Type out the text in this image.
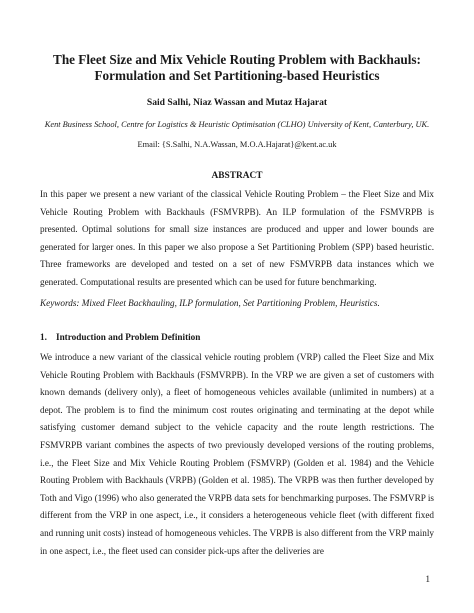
The Fleet Size and Mix Vehicle Routing Problem with Backhauls: Formulation and Set Partitioning-based Heuristics
Said Salhi, Niaz Wassan and Mutaz Hajarat
Kent Business School, Centre for Logistics & Heuristic Optimisation (CLHO) University of Kent, Canterbury, UK.
Email: {S.Salhi, N.A.Wassan, M.O.A.Hajarat}@kent.ac.uk
ABSTRACT
In this paper we present a new variant of the classical Vehicle Routing Problem – the Fleet Size and Mix Vehicle Routing Problem with Backhauls (FSMVRPB). An ILP formulation of the FSMVRPB is presented. Optimal solutions for small size instances are produced and upper and lower bounds are generated for larger ones. In this paper we also propose a Set Partitioning Problem (SPP) based heuristic. Three frameworks are developed and tested on a set of new FSMVRPB data instances which we generated. Computational results are presented which can be used for future benchmarking.
Keywords: Mixed Fleet Backhauling, ILP formulation, Set Partitioning Problem, Heuristics.
1. Introduction and Problem Definition
We introduce a new variant of the classical vehicle routing problem (VRP) called the Fleet Size and Mix Vehicle Routing Problem with Backhauls (FSMVRPB). In the VRP we are given a set of customers with known demands (delivery only), a fleet of homogeneous vehicles available (unlimited in numbers) at a depot. The problem is to find the minimum cost routes originating and terminating at the depot while satisfying customer demand subject to the vehicle capacity and the route length restrictions. The FSMVRPB variant combines the aspects of two previously developed versions of the routing problems, i.e., the Fleet Size and Mix Vehicle Routing Problem (FSMVRP) (Golden et al. 1984) and the Vehicle Routing Problem with Backhauls (VRPB) (Golden et al. 1985). The VRPB was then further developed by Toth and Vigo (1996) who also generated the VRPB data sets for benchmarking purposes. The FSMVRP is different from the VRP in one aspect, i.e., it considers a heterogeneous vehicle fleet (with different fixed and running unit costs) instead of homogeneous vehicles. The VRPB is also different from the VRP mainly in one aspect, i.e., the fleet used can consider pick-ups after the deliveries are
1
